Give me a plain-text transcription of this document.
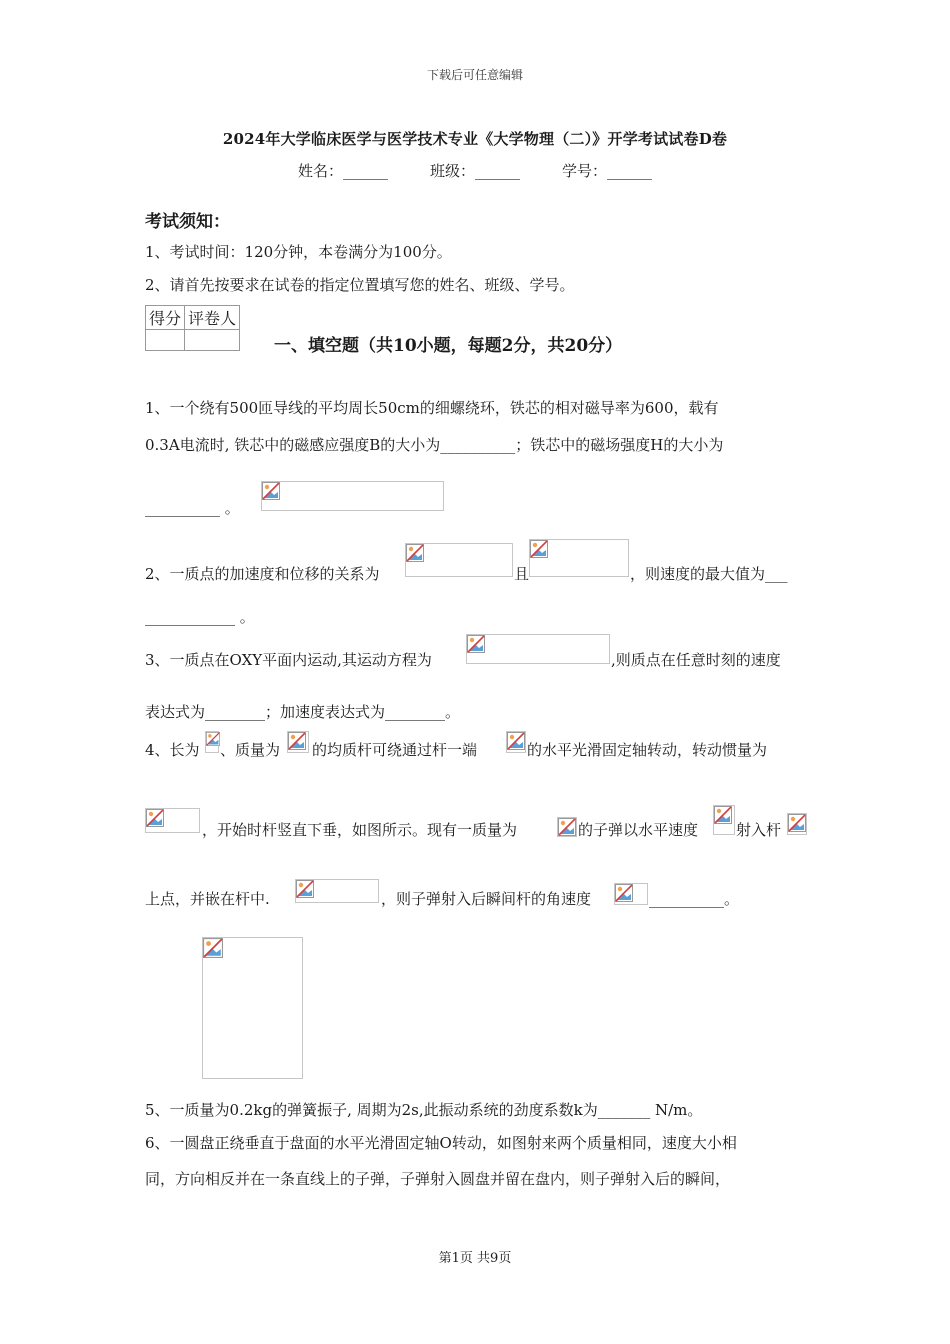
下载后可任意编辑
2024年大学临床医学与医学技术专业《大学物理（二）》开学考试试卷D卷
姓名：______	班级：______	学号：______
考试须知：
1、考试时间：120分钟，本卷满分为100分。
2、请首先按要求在试卷的指定位置填写您的姓名、班级、学号。
得分	评卷人

一、填空题（共10小题，每题2分，共20分）
1、一个绕有500匝导线的平均周长50cm的细螺绕环，铁芯的相对磁导率为600，载有
0.3A电流时, 铁芯中的磁感应强度B的大小为__________；铁芯中的磁场强度H的大小为
__________ 。
2、一质点的加速度和位移的关系为	且	，则速度的最大值为___
____________ 。
3、一质点在OXY平面内运动,其运动方程为	,则质点在任意时刻的速度
表达式为________；加速度表达式为________。
4、长为 、质量为 的均质杆可绕通过杆一端	的水平光滑固定轴转动，转动惯量为
，开始时杆竖直下垂，如图所示。现有一质量为	的子弹以水平速度	射入杆
上点，并嵌在杆中.	，则子弹射入后瞬间杆的角速度	__________。
5、一质量为0.2kg的弹簧振子, 周期为2s,此振动系统的劲度系数k为_______ N/m。
6、一圆盘正绕垂直于盘面的水平光滑固定轴O转动，如图射来两个质量相同，速度大小相
同，方向相反并在一条直线上的子弹，子弹射入圆盘并留在盘内，则子弹射入后的瞬间，
第1页 共9页
